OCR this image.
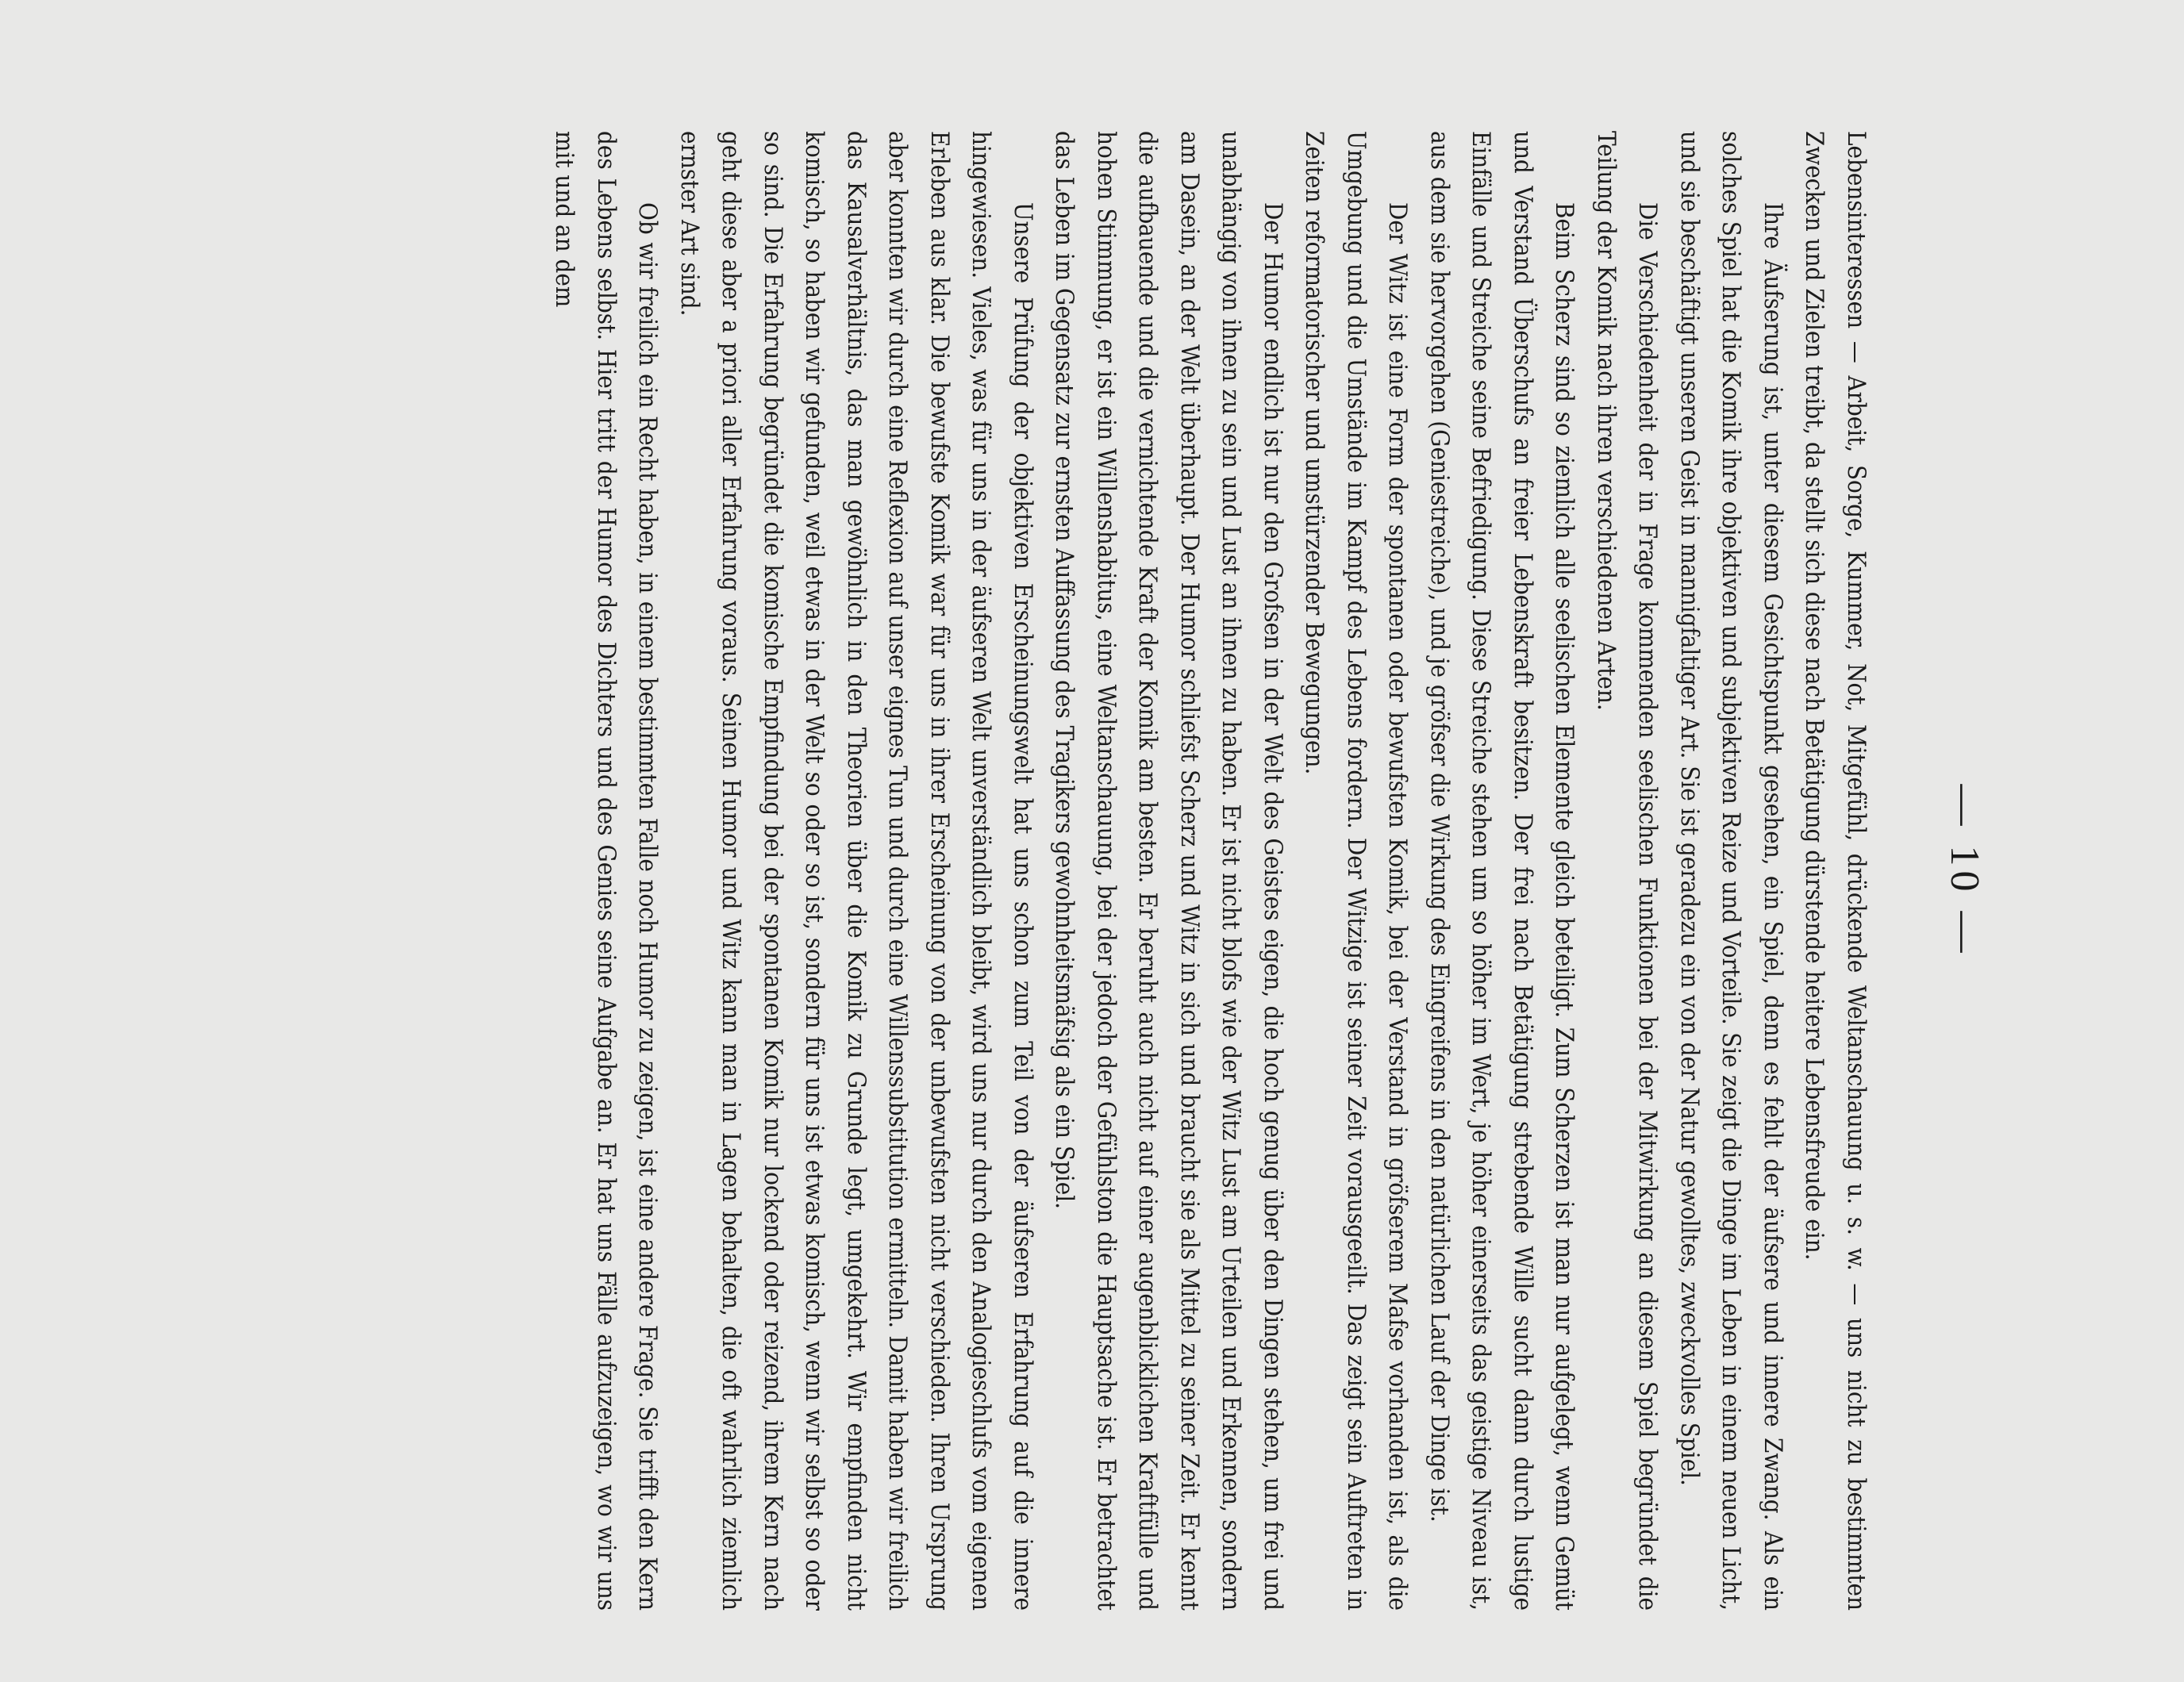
— 10 —

Lebensinteressen — Arbeit, Sorge, Kummer, Not, Mitgefühl, drückende Weltanschauung u. s. w. — uns nicht zu bestimmten Zwecken und Zielen treibt, da stellt sich diese nach Betätigung dürstende heitere Lebensfreude ein.

Ihre Äufserung ist, unter diesem Gesichtspunkt gesehen, ein Spiel, denn es fehlt der äufsere und innere Zwang. Als ein solches Spiel hat die Komik ihre objektiven und subjektiven Reize und Vorteile. Sie zeigt die Dinge im Leben in einem neuen Licht, und sie beschäftigt unseren Geist in mannigfaltiger Art. Sie ist geradezu ein von der Natur gewolltes, zweckvolles Spiel.

Die Verschiedenheit der in Frage kommenden seelischen Funktionen bei der Mitwirkung an diesem Spiel begründet die Teilung der Komik nach ihren verschiedenen Arten.

Beim Scherz sind so ziemlich alle seelischen Elemente gleich beteiligt. Zum Scherzen ist man nur aufgelegt, wenn Gemüt und Verstand Überschufs an freier Lebenskraft besitzen. Der frei nach Betätigung strebende Wille sucht dann durch lustige Einfälle und Streiche seine Befriedigung. Diese Streiche stehen um so höher im Wert, je höher einerseits das geistige Niveau ist, aus dem sie hervorgehen (Geniestreiche), und je gröfser die Wirkung des Eingreifens in den natürlichen Lauf der Dinge ist.

Der Witz ist eine Form der spontanen oder bewufsten Komik, bei der Verstand in gröfserem Mafse vorhanden ist, als die Umgebung und die Umstände im Kampf des Lebens fordern. Der Witzige ist seiner Zeit vorausgeeilt. Das zeigt sein Auftreten in Zeiten reformatorischer und umstürzender Bewegungen.

Der Humor endlich ist nur den Grofsen in der Welt des Geistes eigen, die hoch genug über den Dingen stehen, um frei und unabhängig von ihnen zu sein und Lust an ihnen zu haben. Er ist nicht blofs wie der Witz Lust am Urteilen und Erkennen, sondern am Dasein, an der Welt überhaupt. Der Humor schliefst Scherz und Witz in sich und braucht sie als Mittel zu seiner Zeit. Er kennt die aufbauende und die vernichtende Kraft der Komik am besten. Er beruht auch nicht auf einer augenblicklichen Kraftfülle und hohen Stimmung, er ist ein Willenshabitus, eine Weltanschauung, bei der jedoch der Gefühlston die Hauptsache ist. Er betrachtet das Leben im Gegensatz zur ernsten Auffassung des Tragikers gewohnheitsmäfsig als ein Spiel.

Unsere Prüfung der objektiven Erscheinungswelt hat uns schon zum Teil von der äufseren Erfahrung auf die innere hingewiesen. Vieles, was für uns in der äufseren Welt unverständlich bleibt, wird uns nur durch den Analogieschlufs vom eigenen Erleben aus klar. Die bewufste Komik war für uns in ihrer Erscheinung von der unbewufsten nicht verschieden. Ihren Ursprung aber konnten wir durch eine Reflexion auf unser eignes Tun und durch eine Willenssubstitution ermitteln. Damit haben wir freilich das Kausalverhältnis, das man gewöhnlich in den Theorien über die Komik zu Grunde legt, umgekehrt. Wir empfinden nicht komisch, so haben wir gefunden, weil etwas in der Welt so oder so ist, sondern für uns ist etwas komisch, wenn wir selbst so oder so sind. Die Erfahrung begründet die komische Empfindung bei der spontanen Komik nur lockend oder reizend, ihrem Kern nach geht diese aber a priori aller Erfahrung voraus. Seinen Humor und Witz kann man in Lagen behalten, die oft wahrlich ziemlich ernster Art sind.

Ob wir freilich ein Recht haben, in einem bestimmten Falle noch Humor zu zeigen, ist eine andere Frage. Sie trifft den Kern des Lebens selbst. Hier tritt der Humor des Dichters und des Genies seine Aufgabe an. Er hat uns Fälle aufzuzeigen, wo wir uns mit und an dem
